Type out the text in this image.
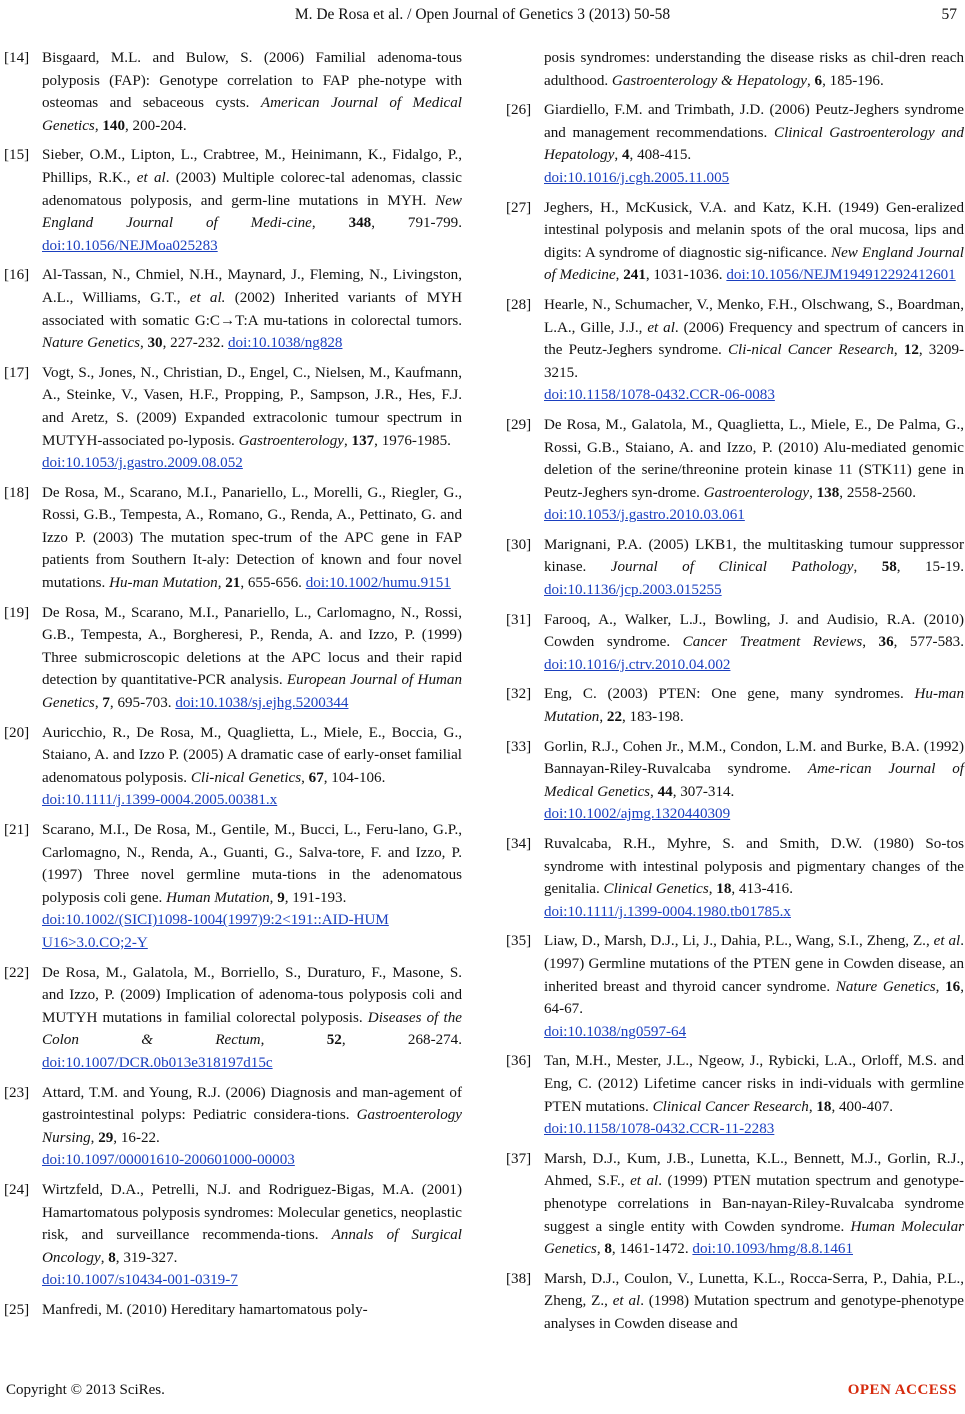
M. De Rosa et al. / Open Journal of Genetics 3 (2013) 50-58	57
[14] Bisgaard, M.L. and Bulow, S. (2006) Familial adenoma-tous polyposis (FAP): Genotype correlation to FAP phe-notype with osteomas and sebaceous cysts. American Journal of Medical Genetics, 140, 200-204.
[15] Sieber, O.M., Lipton, L., Crabtree, M., Heinimann, K., Fidalgo, P., Phillips, R.K., et al. (2003) Multiple colorec-tal adenomas, classic adenomatous polyposis, and germ-line mutations in MYH. New England Journal of Medi-cine, 348, 791-799. doi:10.1056/NEJMoa025283
[16] Al-Tassan, N., Chmiel, N.H., Maynard, J., Fleming, N., Livingston, A.L., Williams, G.T., et al. (2002) Inherited variants of MYH associated with somatic G:C→T:A mu-tations in colorectal tumors. Nature Genetics, 30, 227-232. doi:10.1038/ng828
[17] Vogt, S., Jones, N., Christian, D., Engel, C., Nielsen, M., Kaufmann, A., Steinke, V., Vasen, H.F., Propping, P., Sampson, J.R., Hes, F.J. and Aretz, S. (2009) Expanded extracolonic tumour spectrum in MUTYH-associated po-lyposis. Gastroenterology, 137, 1976-1985.
doi:10.1053/j.gastro.2009.08.052
[18] De Rosa, M., Scarano, M.I., Panariello, L., Morelli, G., Riegler, G., Rossi, G.B., Tempesta, A., Romano, G., Renda, A., Pettinato, G. and Izzo P. (2003) The mutation spec-trum of the APC gene in FAP patients from Southern It-aly: Detection of known and four novel mutations. Hu-man Mutation, 21, 655-656. doi:10.1002/humu.9151
[19] De Rosa, M., Scarano, M.I., Panariello, L., Carlomagno, N., Rossi, G.B., Tempesta, A., Borgheresi, P., Renda, A. and Izzo, P. (1999) Three submicroscopic deletions at the APC locus and their rapid detection by quantitative-PCR analysis. European Journal of Human Genetics, 7, 695-703. doi:10.1038/sj.ejhg.5200344
[20] Auricchio, R., De Rosa, M., Quaglietta, L., Miele, E., Boccia, G., Staiano, A. and Izzo P. (2005) A dramatic case of early-onset familial adenomatous polyposis. Cli-nical Genetics, 67, 104-106.
doi:10.1111/j.1399-0004.2005.00381.x
[21] Scarano, M.I., De Rosa, M., Gentile, M., Bucci, L., Feru-lano, G.P., Carlomagno, N., Renda, A., Guanti, G., Salva-tore, F. and Izzo, P. (1997) Three novel germline muta-tions in the adenomatous polyposis coli gene. Human Mutation, 9, 191-193.
doi:10.1002/(SICI)1098-1004(1997)9:2<191::AID-HUM U16>3.0.CO;2-Y
[22] De Rosa, M., Galatola, M., Borriello, S., Duraturo, F., Masone, S. and Izzo, P. (2009) Implication of adenoma-tous polyposis coli and MUTYH mutations in familial colorectal polyposis. Diseases of the Colon & Rectum, 52, 268-274. doi:10.1007/DCR.0b013e318197d15c
[23] Attard, T.M. and Young, R.J. (2006) Diagnosis and man-agement of gastrointestinal polyps: Pediatric considera-tions. Gastroenterology Nursing, 29, 16-22.
doi:10.1097/00001610-200601000-00003
[24] Wirtzfeld, D.A., Petrelli, N.J. and Rodriguez-Bigas, M.A. (2001) Hamartomatous polyposis syndromes: Molecular genetics, neoplastic risk, and surveillance recommenda-tions. Annals of Surgical Oncology, 8, 319-327.
doi:10.1007/s10434-001-0319-7
[25] Manfredi, M. (2010) Hereditary hamartomatous poly-
posis syndromes: understanding the disease risks as chil-dren reach adulthood. Gastroenterology & Hepatology, 6, 185-196.
[26] Giardiello, F.M. and Trimbath, J.D. (2006) Peutz-Jeghers syndrome and management recommendations. Clinical Gastroenterology and Hepatology, 4, 408-415.
doi:10.1016/j.cgh.2005.11.005
[27] Jeghers, H., McKusick, V.A. and Katz, K.H. (1949) Gen-eralized intestinal polyposis and melanin spots of the oral mucosa, lips and digits: A syndrome of diagnostic sig-nificance. New England Journal of Medicine, 241, 1031-1036. doi:10.1056/NEJM194912292412601
[28] Hearle, N., Schumacher, V., Menko, F.H., Olschwang, S., Boardman, L.A., Gille, J.J., et al. (2006) Frequency and spectrum of cancers in the Peutz-Jeghers syndrome. Cli-nical Cancer Research, 12, 3209-3215.
doi:10.1158/1078-0432.CCR-06-0083
[29] De Rosa, M., Galatola, M., Quaglietta, L., Miele, E., De Palma, G., Rossi, G.B., Staiano, A. and Izzo, P. (2010) Alu-mediated genomic deletion of the serine/threonine protein kinase 11 (STK11) gene in Peutz-Jeghers syn-drome. Gastroenterology, 138, 2558-2560.
doi:10.1053/j.gastro.2010.03.061
[30] Marignani, P.A. (2005) LKB1, the multitasking tumour suppressor kinase. Journal of Clinical Pathology, 58, 15-19. doi:10.1136/jcp.2003.015255
[31] Farooq, A., Walker, L.J., Bowling, J. and Audisio, R.A. (2010) Cowden syndrome. Cancer Treatment Reviews, 36, 577-583. doi:10.1016/j.ctrv.2010.04.002
[32] Eng, C. (2003) PTEN: One gene, many syndromes. Hu-man Mutation, 22, 183-198.
[33] Gorlin, R.J., Cohen Jr., M.M., Condon, L.M. and Burke, B.A. (1992) Bannayan-Riley-Ruvalcaba syndrome. Ame-rican Journal of Medical Genetics, 44, 307-314.
doi:10.1002/ajmg.1320440309
[34] Ruvalcaba, R.H., Myhre, S. and Smith, D.W. (1980) So-tos syndrome with intestinal polyposis and pigmentary changes of the genitalia. Clinical Genetics, 18, 413-416.
doi:10.1111/j.1399-0004.1980.tb01785.x
[35] Liaw, D., Marsh, D.J., Li, J., Dahia, P.L., Wang, S.I., Zheng, Z., et al. (1997) Germline mutations of the PTEN gene in Cowden disease, an inherited breast and thyroid cancer syndrome. Nature Genetics, 16, 64-67.
doi:10.1038/ng0597-64
[36] Tan, M.H., Mester, J.L., Ngeow, J., Rybicki, L.A., Orloff, M.S. and Eng, C. (2012) Lifetime cancer risks in indi-viduals with germline PTEN mutations. Clinical Cancer Research, 18, 400-407.
doi:10.1158/1078-0432.CCR-11-2283
[37] Marsh, D.J., Kum, J.B., Lunetta, K.L., Bennett, M.J., Gorlin, R.J., Ahmed, S.F., et al. (1999) PTEN mutation spectrum and genotype-phenotype correlations in Ban-nayan-Riley-Ruvalcaba syndrome suggest a single entity with Cowden syndrome. Human Molecular Genetics, 8, 1461-1472. doi:10.1093/hmg/8.8.1461
[38] Marsh, D.J., Coulon, V., Lunetta, K.L., Rocca-Serra, P., Dahia, P.L., Zheng, Z., et al. (1998) Mutation spectrum and genotype-phenotype analyses in Cowden disease and
Copyright © 2013 SciRes.	OPEN ACCESS
